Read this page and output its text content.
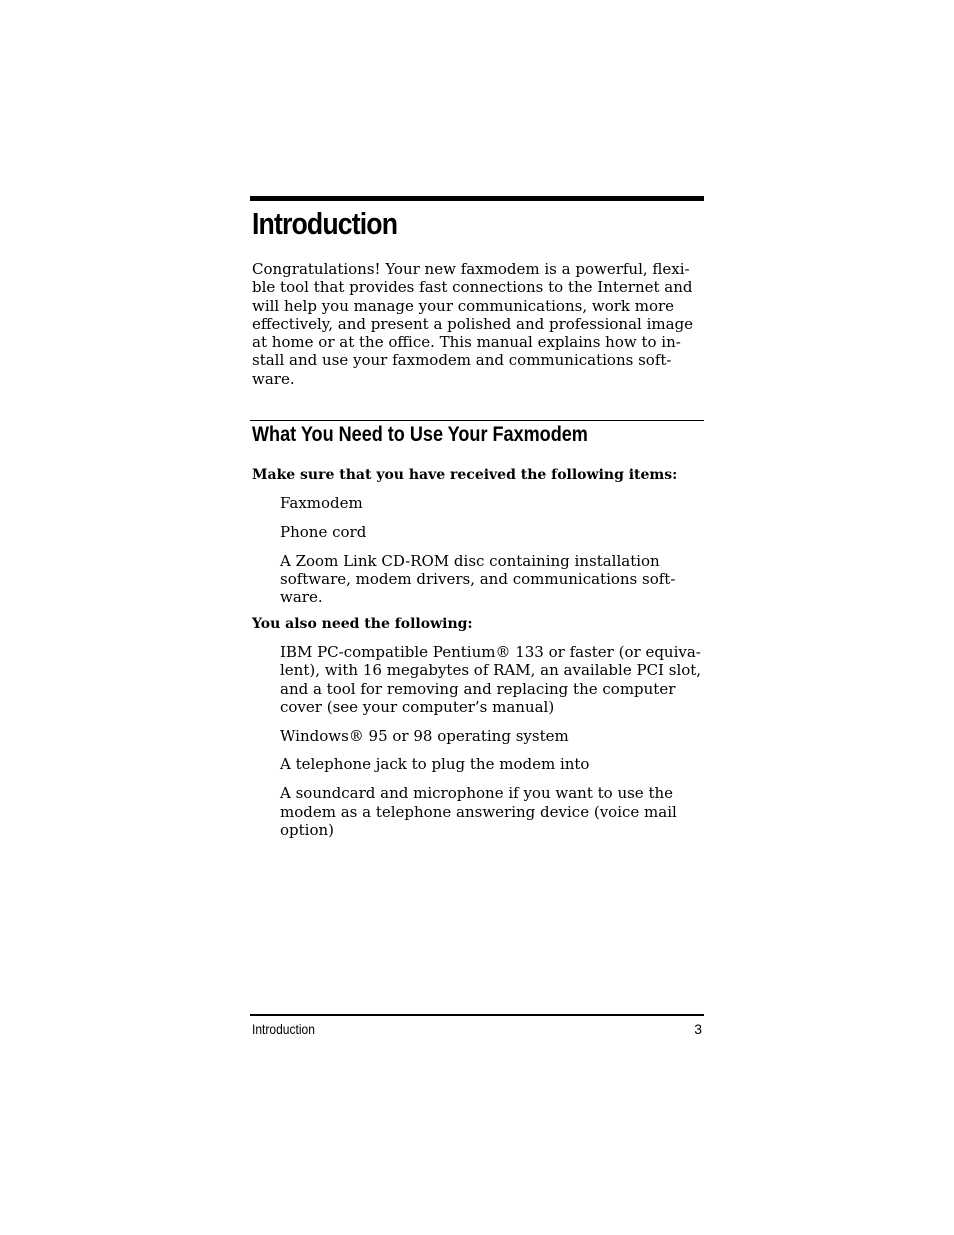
Introduction

Congratulations! Your new faxmodem is a powerful, flexi-
ble tool that provides fast connections to the Internet and
will help you manage your communications, work more
effectively, and present a polished and professional image
at home or at the office. This manual explains how to in-
stall and use your faxmodem and communications soft-
ware.

What You Need to Use Your Faxmodem

Make sure that you have received the following items:

Faxmodem
Phone cord
A Zoom Link CD-ROM disc containing installation
software, modem drivers, and communications soft-
ware.

You also need the following:

IBM PC-compatible Pentium® 133 or faster (or equiva-
lent), with 16 megabytes of RAM, an available PCI slot,
and a tool for removing and replacing the computer
cover (see your computer’s manual)
Windows® 95 or 98 operating system
A telephone jack to plug the modem into
A soundcard and microphone if you want to use the
modem as a telephone answering device (voice mail
option)
Introduction	3
